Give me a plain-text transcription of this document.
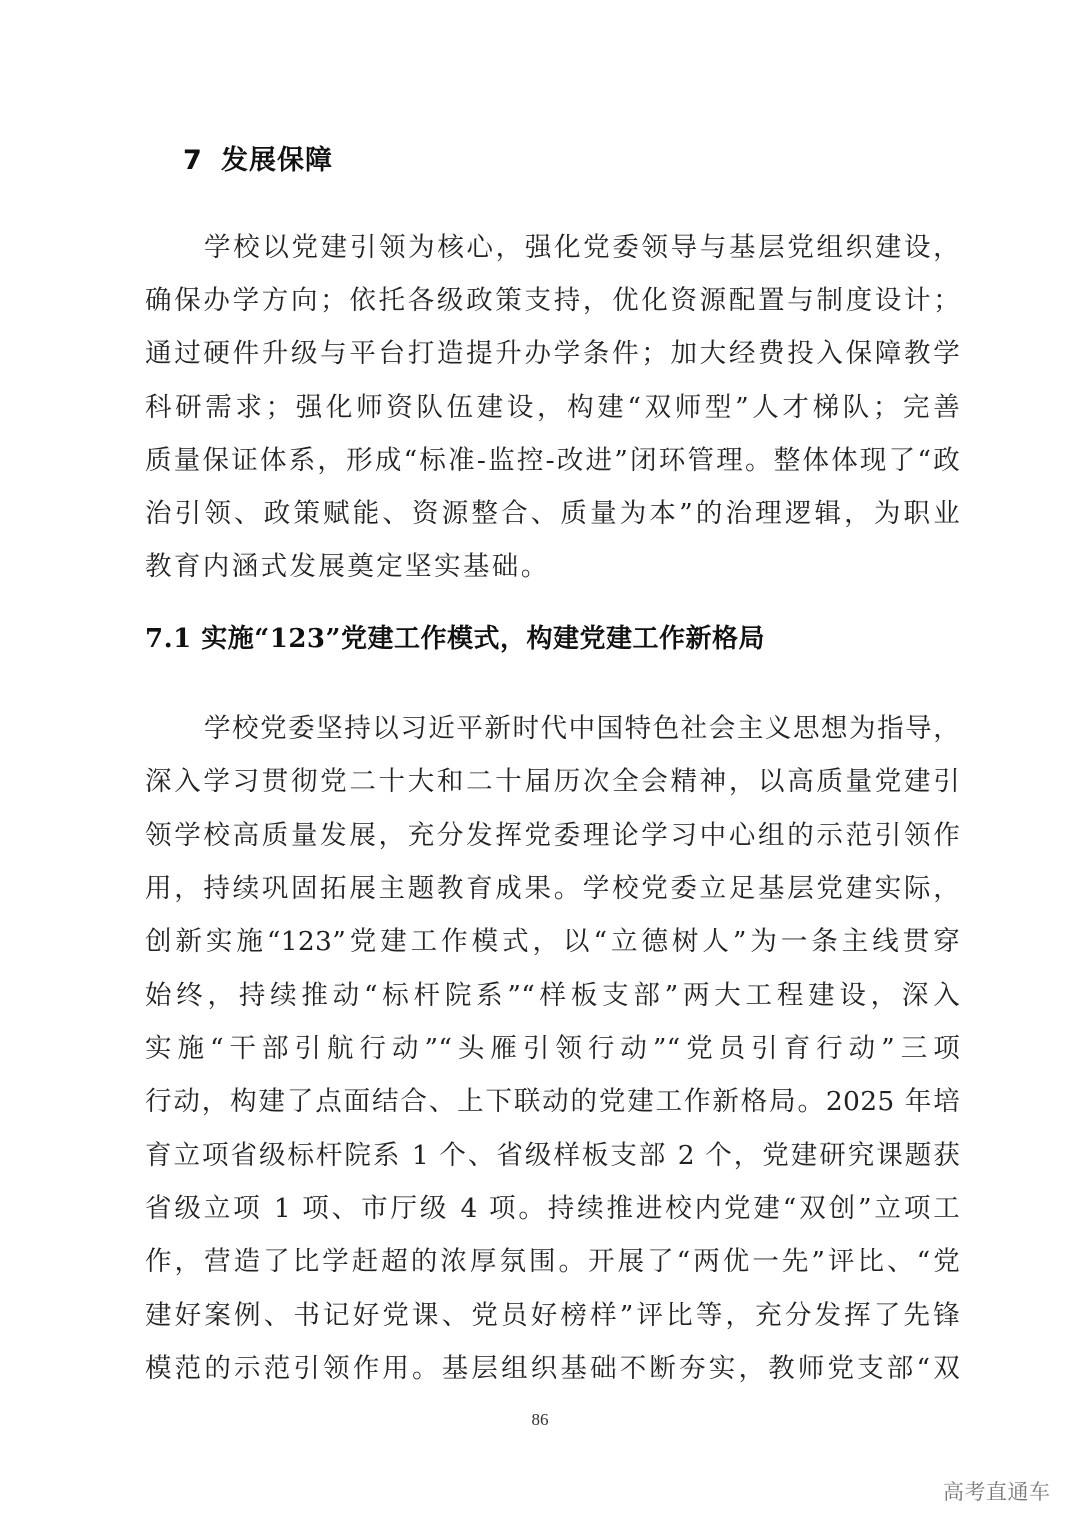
7 发展保障
学校以党建引领为核心，强化党委领导与基层党组织建设，
确保办学方向；依托各级政策支持，优化资源配置与制度设计；
通过硬件升级与平台打造提升办学条件；加大经费投入保障教学
科研需求；强化师资队伍建设，构建“双师型”人才梯队；完善
质量保证体系，形成“标准-监控-改进”闭环管理。整体体现了“政
治引领、政策赋能、资源整合、质量为本”的治理逻辑，为职业
教育内涵式发展奠定坚实基础。
7.1 实施“123”党建工作模式，构建党建工作新格局
学校党委坚持以习近平新时代中国特色社会主义思想为指导，
深入学习贯彻党二十大和二十届历次全会精神，以高质量党建引
领学校高质量发展，充分发挥党委理论学习中心组的示范引领作
用，持续巩固拓展主题教育成果。学校党委立足基层党建实际，
创新实施“123”党建工作模式，以“立德树人”为一条主线贯穿
始终，持续推动“标杆院系”“样板支部”两大工程建设，深入
实施“干部引航行动”“头雁引领行动”“党员引育行动”三项
行动，构建了点面结合、上下联动的党建工作新格局。2025 年培
育立项省级标杆院系 1 个、省级样板支部 2 个，党建研究课题获
省级立项 1 项、市厅级 4 项。持续推进校内党建“双创”立项工
作，营造了比学赶超的浓厚氛围。开展了“两优一先”评比、“党
建好案例、书记好党课、党员好榜样”评比等，充分发挥了先锋
模范的示范引领作用。基层组织基础不断夯实，教师党支部“双
86
高考直通车
